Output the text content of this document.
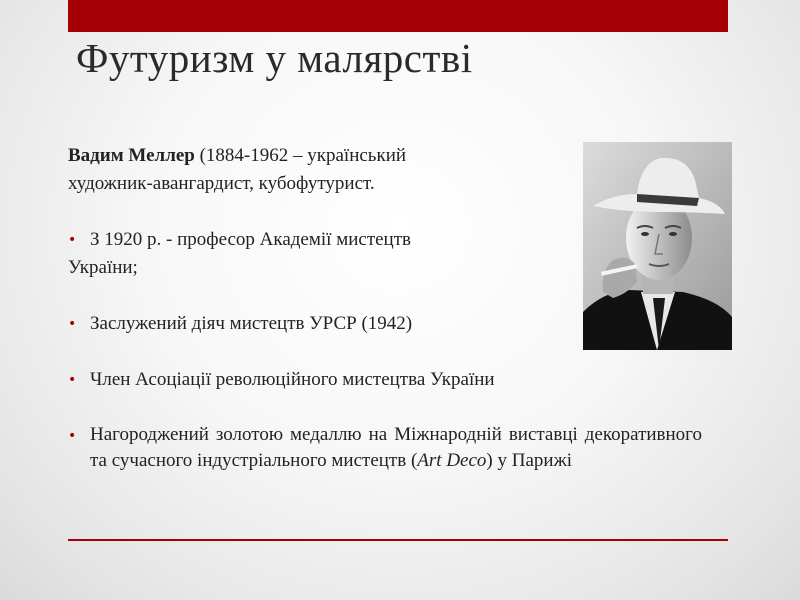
Футуризм у малярстві

Вадим Меллер (1884-1962 – український

художник-авангардист, кубофутурист.

• З 1920 р. - професор Академії мистецтв

України;

• Заслужений діяч мистецтв УРСР (1942)

• Член Асоціації революційного мистецтва України

• Нагороджений золотою медаллю на Міжнародній виставці декоративного та сучасного індустріального мистецтв (Art Deco) у Парижі
